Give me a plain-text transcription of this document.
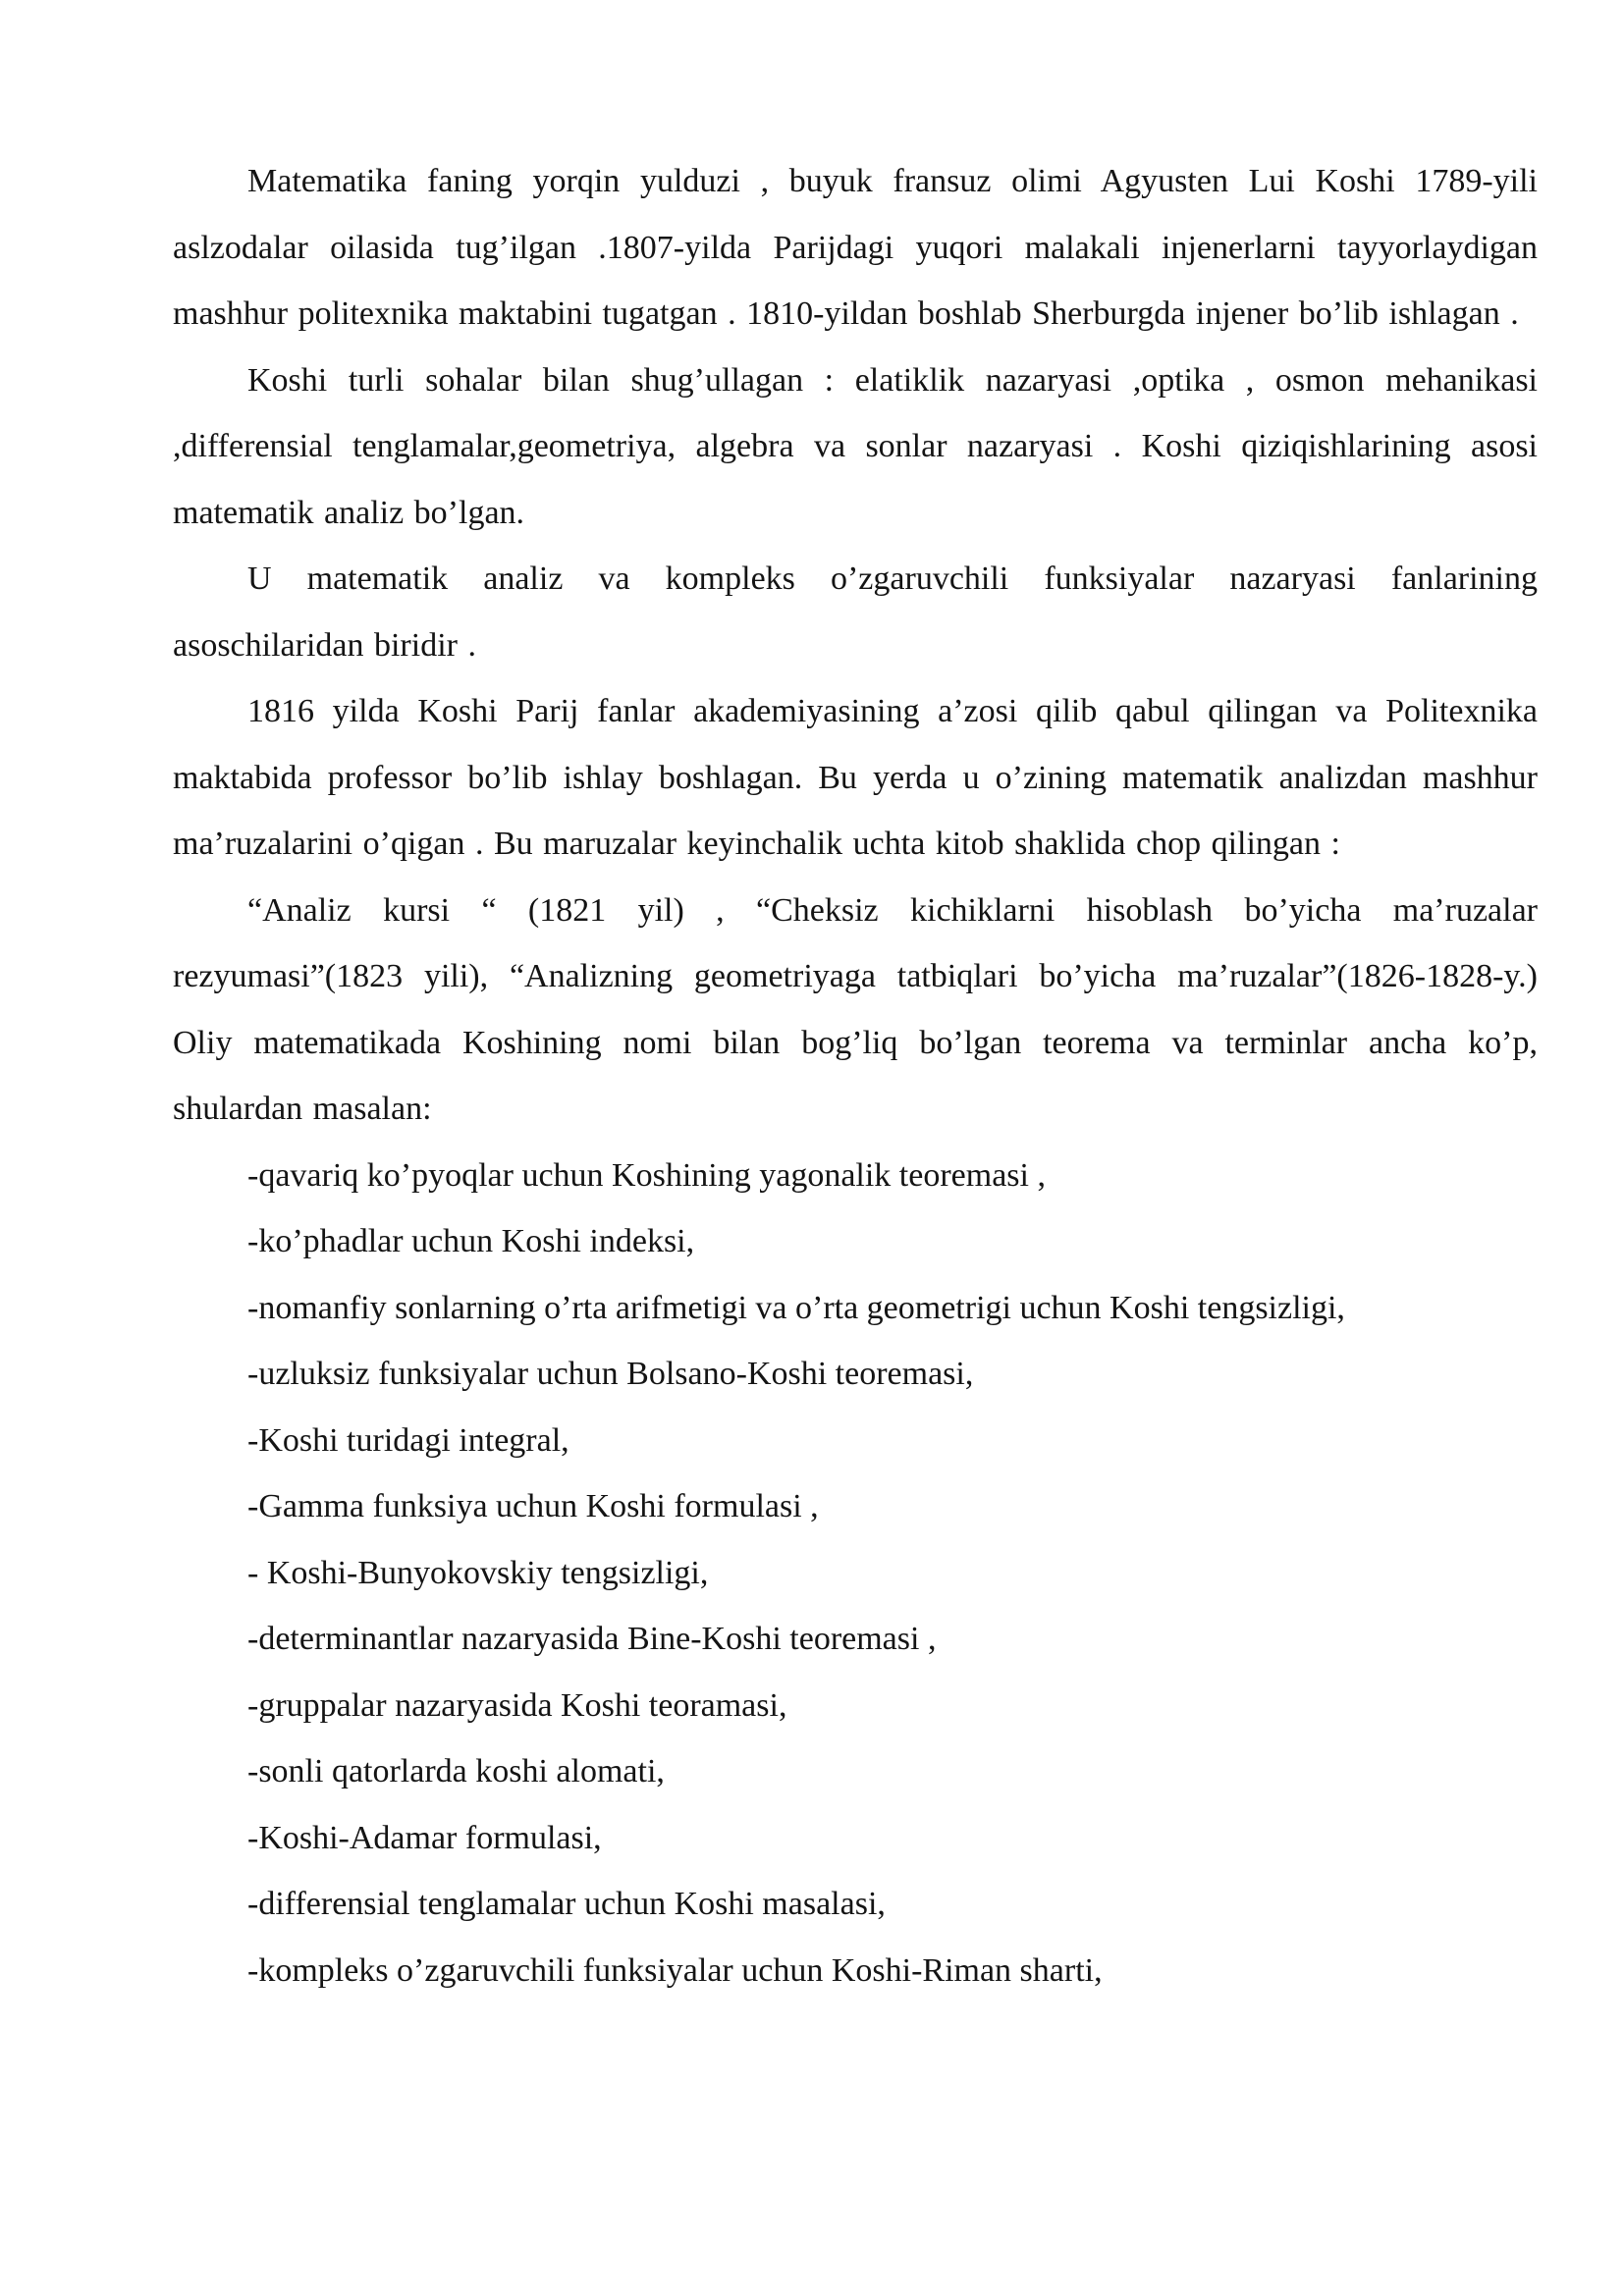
Matematika faning yorqin yulduzi , buyuk fransuz olimi Agyusten Lui Koshi 1789-yili aslzodalar oilasida tug’ilgan .1807-yilda Parijdagi yuqori malakali injenerlarni tayyorlaydigan mashhur politexnika maktabini tugatgan . 1810-yildan boshlab Sherburgda injener bo’lib ishlagan .

Koshi turli sohalar bilan shug’ullagan : elatiklik nazaryasi ,optika , osmon mehanikasi ,differensial tenglamalar,geometriya, algebra va sonlar nazaryasi . Koshi qiziqishlarining asosi matematik analiz bo’lgan.

U matematik analiz va kompleks o’zgaruvchili funksiyalar nazaryasi fanlarining asoschilaridan biridir .

1816 yilda Koshi Parij fanlar akademiyasining a’zosi qilib qabul qilingan va Politexnika maktabida professor bo’lib ishlay boshlagan. Bu yerda u o’zining matematik analizdan mashhur ma’ruzalarini o’qigan . Bu maruzalar keyinchalik uchta kitob shaklida chop qilingan :

“Analiz kursi “ (1821 yil) , “Cheksiz kichiklarni hisoblash bo’yicha ma’ruzalar rezyumasi”(1823 yili), “Analizning geometriyaga tatbiqlari bo’yicha ma’ruzalar”(1826-1828-y.) Oliy matematikada Koshining nomi bilan bog’liq bo’lgan teorema va terminlar ancha ko’p, shulardan masalan:

-qavariq ko’pyoqlar uchun Koshining yagonalik teoremasi ,

-ko’phadlar uchun Koshi indeksi,

-nomanfiy sonlarning o’rta arifmetigi va o’rta geometrigi uchun Koshi tengsizligi,

-uzluksiz funksiyalar uchun Bolsano-Koshi teoremasi,

-Koshi turidagi integral,

-Gamma funksiya uchun Koshi formulasi ,

- Koshi-Bunyokovskiy tengsizligi,

-determinantlar nazaryasida Bine-Koshi teoremasi ,

-gruppalar nazaryasida Koshi teoramasi,

-sonli qatorlarda koshi alomati,

-Koshi-Adamar formulasi,

-differensial tenglamalar uchun Koshi masalasi,

-kompleks o’zgaruvchili funksiyalar uchun Koshi-Riman sharti,
